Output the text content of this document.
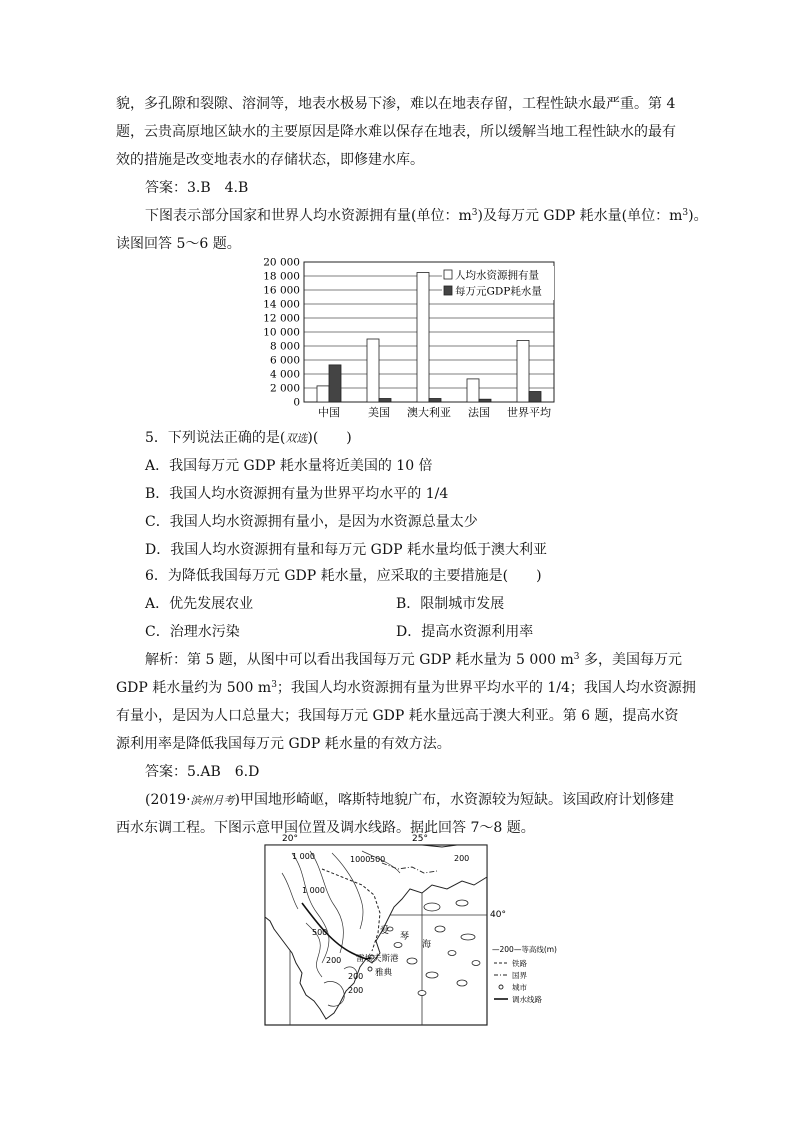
貌，多孔隙和裂隙、溶洞等，地表水极易下渗，难以在地表存留，工程性缺水最严重。第 4

题，云贵高原地区缺水的主要原因是降水难以保存在地表，所以缓解当地工程性缺水的最有

效的措施是改变地表水的存储状态，即修建水库。

答案：3.B　4.B

下图表示部分国家和世界人均水资源拥有量(单位：$m^3$)及每万元 GDP 耗水量(单位：$m^3$)。

读图回答 5～6 题。

0
2 000
4 000
6 000
8 000
10 000
12 000
14 000
16 000
18 000
20 000
中国	美国 澳大利亚 法国 世界平均
人均水资源拥有量
每万元GDP耗水量

5．下列说法正确的是(双选)(　　)

A．我国每万元 GDP 耗水量将近美国的 10 倍

B．我国人均水资源拥有量为世界平均水平的 1/4

C．我国人均水资源拥有量小，是因为水资源总量太少

D．我国人均水资源拥有量和每万元 GDP 耗水量均低于澳大利亚

6．为降低我国每万元 GDP 耗水量，应采取的主要措施是(　　)

A．优先发展农业	B．限制城市发展
C．治理水污染	D．提高水资源利用率

解析：第 5 题，从图中可以看出我国每万元 GDP 耗水量为 5 000 $m^3$ 多，美国每万元

GDP 耗水量约为 500 $m^3$；我国人均水资源拥有量为世界平均水平的 1/4；我国人均水资源拥

有量小，是因为人口总量大；我国每万元 GDP 耗水量远高于澳大利亚。第 6 题，提高水资

源利用率是降低我国每万元 GDP 耗水量的有效方法。

答案：5.AB　6.D

(2019·滨州月考)甲国地形崎岖，喀斯特地貌广布，水资源较为短缺。该国政府计划修建

西水东调工程。下图示意甲国位置及调水线路。据此回答 7～8 题。

20°	25°
40°
1000 500
1 000	200
1 000
500
200
200
200
爱
琴
海
雷埃夫斯港
雅典
—200—等高线(m)
铁路
国界
城市
调水线路
